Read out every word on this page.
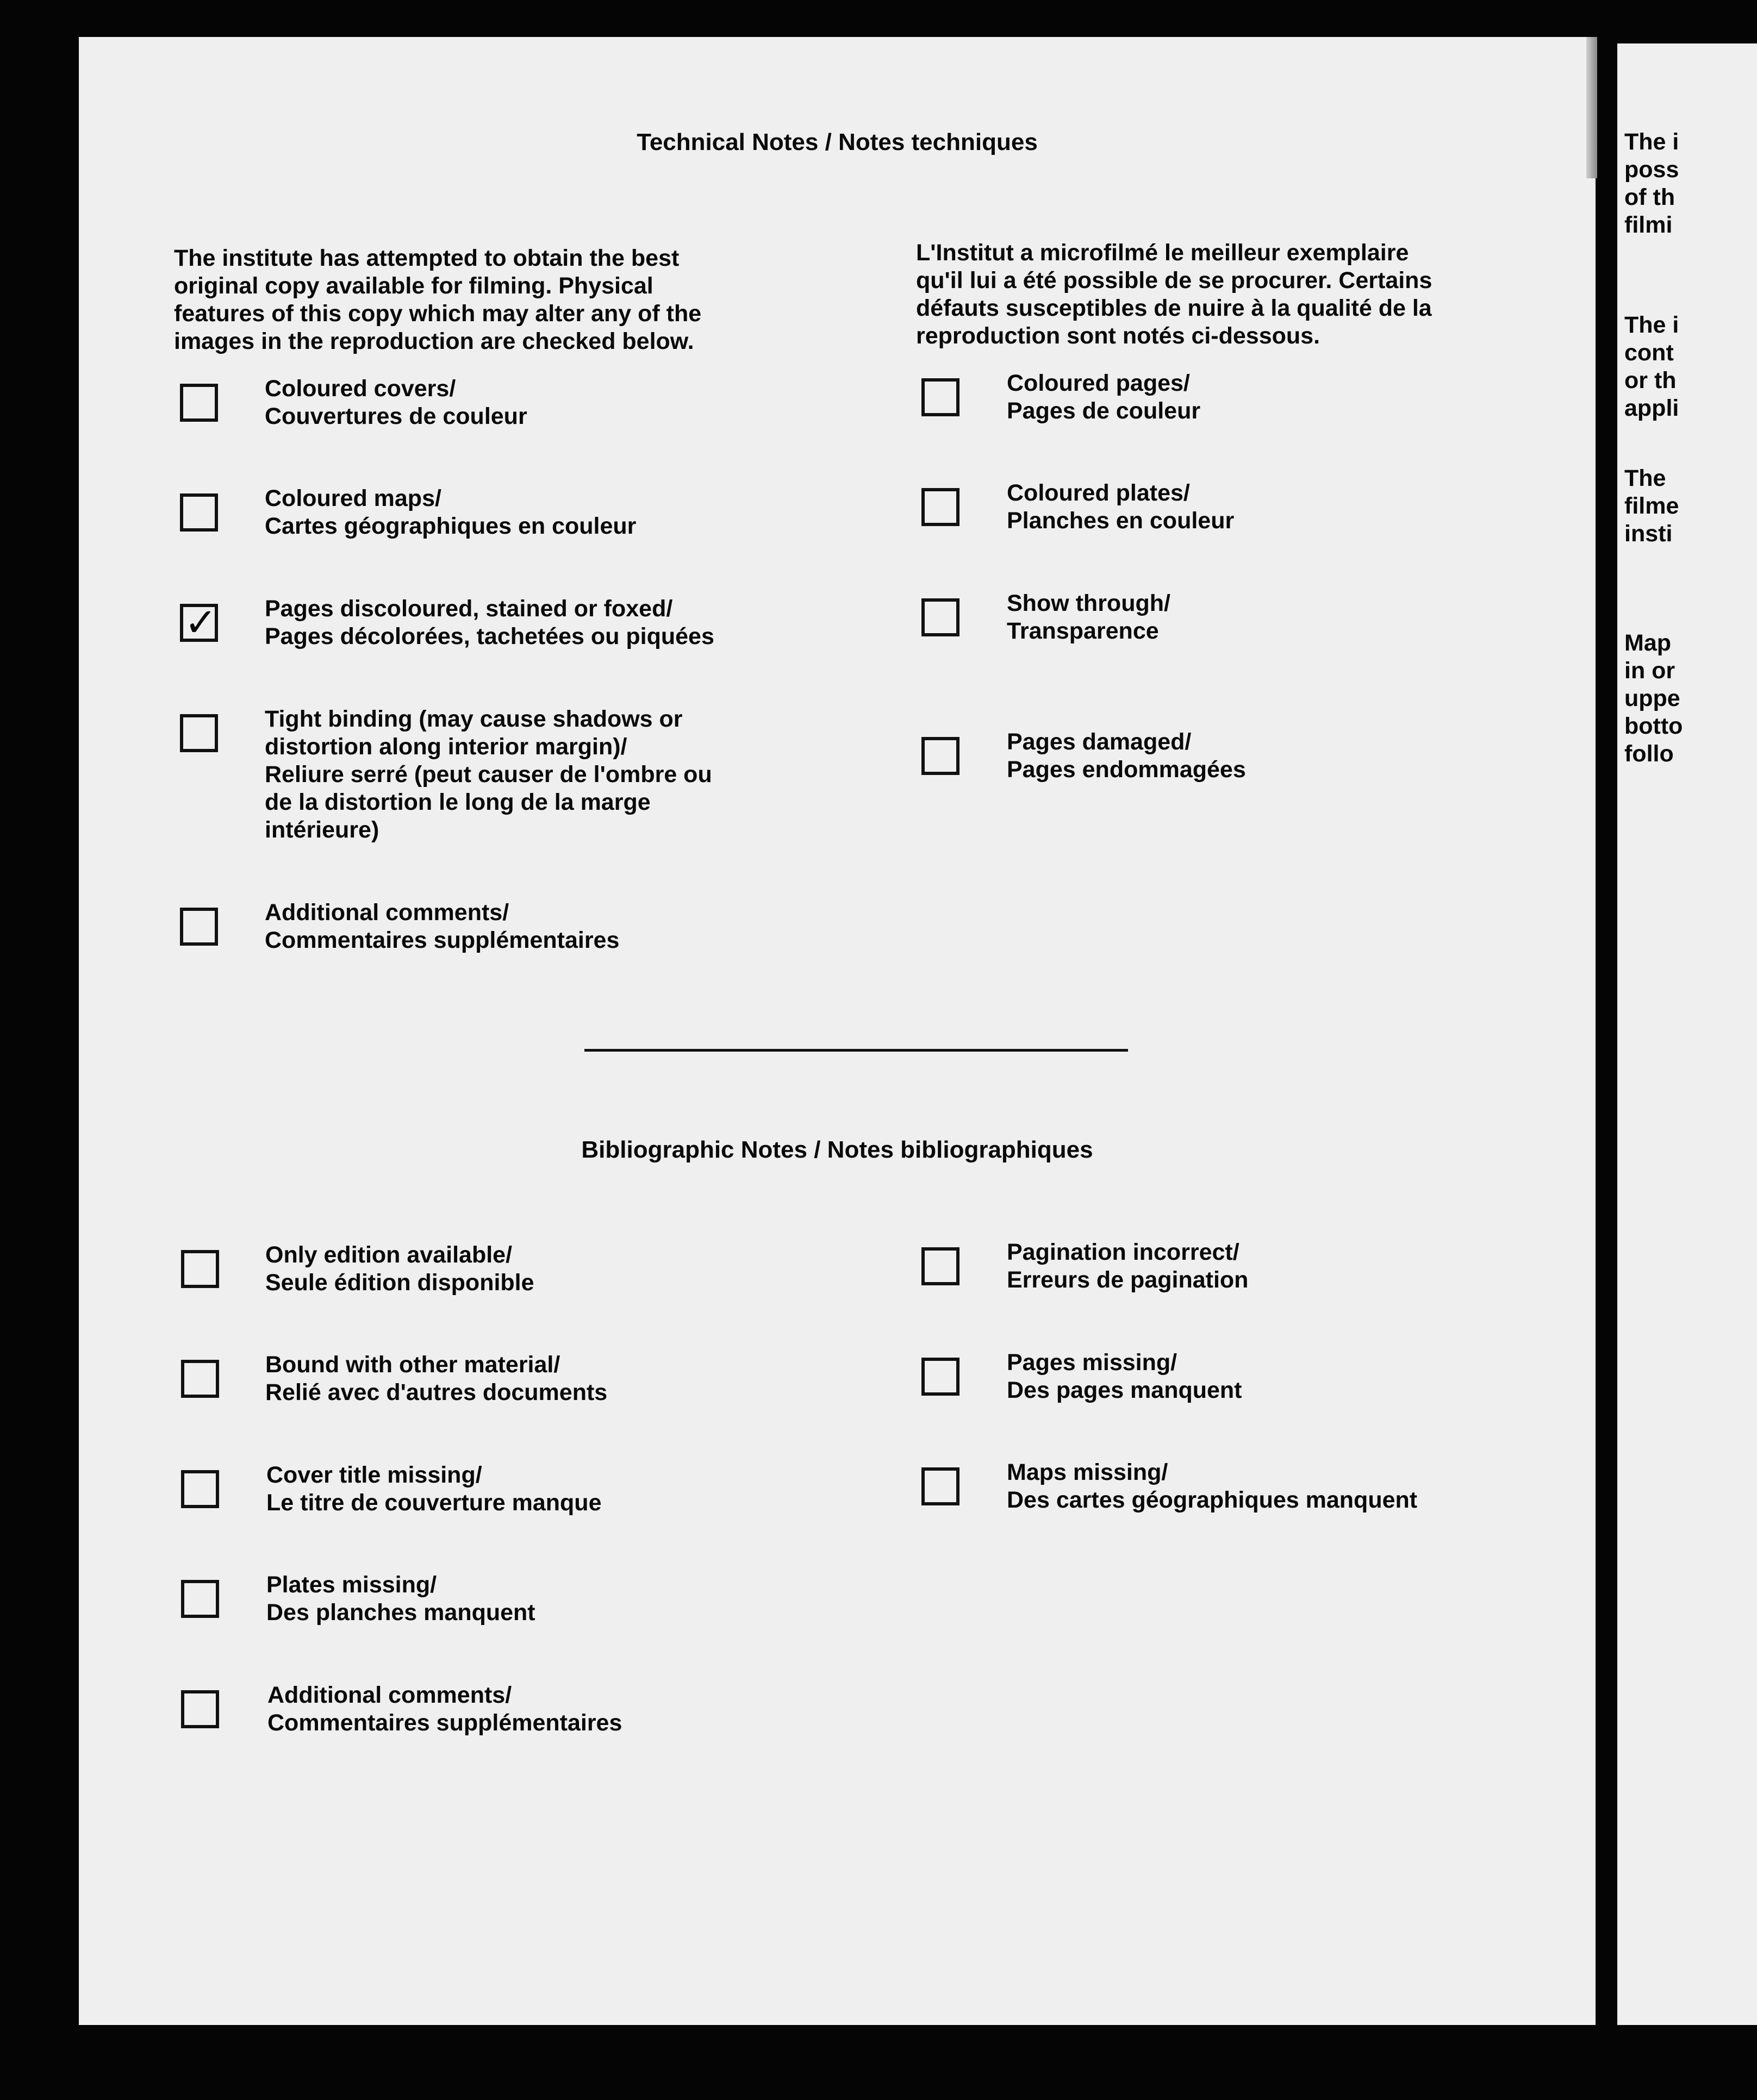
Technical Notes / Notes techniques

The institute has attempted to obtain the best
original copy available for filming. Physical
features of this copy which may alter any of the
images in the reproduction are checked below.

L'Institut a microfilmé le meilleur exemplaire
qu'il lui a été possible de se procurer. Certains
défauts susceptibles de nuire à la qualité de la
reproduction sont notés ci-dessous.

Coloured covers/
Couvertures de couleur

Coloured maps/
Cartes géographiques en couleur

✓ Pages discoloured, stained or foxed/
Pages décolorées, tachetées ou piquées

Tight binding (may cause shadows or
distortion along interior margin)/
Reliure serré (peut causer de l'ombre ou
de la distortion le long de la marge
intérieure)

Additional comments/
Commentaires supplémentaires

Coloured pages/
Pages de couleur

Coloured plates/
Planches en couleur

Show through/
Transparence

Pages damaged/
Pages endommagées

Bibliographic Notes / Notes bibliographiques

Only edition available/
Seule édition disponible

Bound with other material/
Relié avec d'autres documents

Cover title missing/
Le titre de couverture manque

Plates missing/
Des planches manquent

Additional comments/
Commentaires supplémentaires

Pagination incorrect/
Erreurs de pagination

Pages missing/
Des pages manquent

Maps missing/
Des cartes géographiques manquent

The i
poss
of th
filmi

The i
cont
or th
appli

The
filme
insti

Map
in or
uppe
botto
follo
